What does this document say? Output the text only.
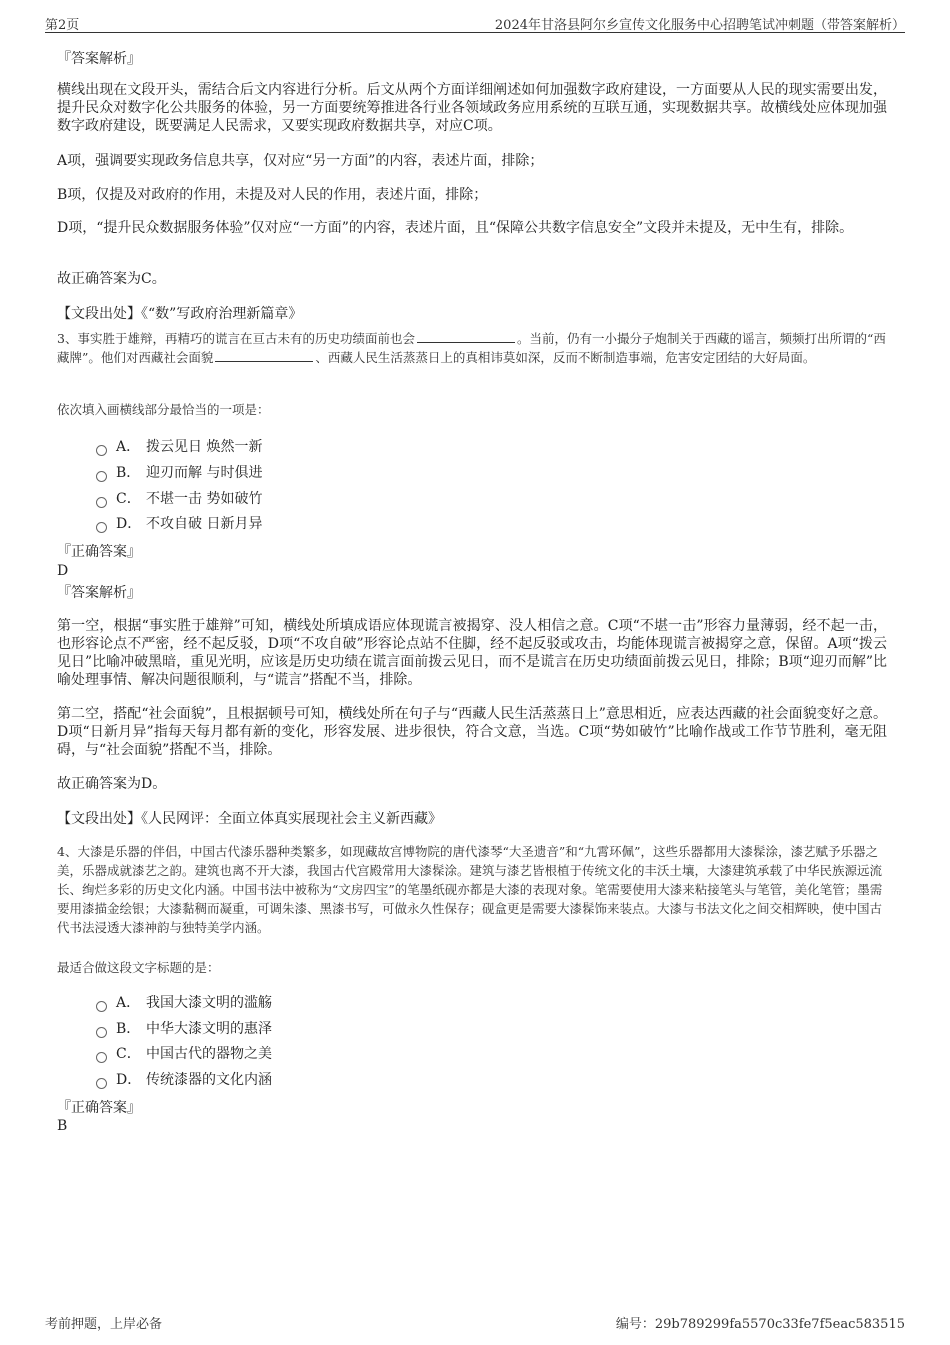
第2页	2024年甘洛县阿尔乡宣传文化服务中心招聘笔试冲刺题（带答案解析）
『答案解析』
横线出现在文段开头，需结合后文内容进行分析。后文从两个方面详细阐述如何加强数字政府建设，一方面要从人民的现实需要出发，提升民众对数字化公共服务的体验，另一方面要统筹推进各行业各领域政务应用系统的互联互通，实现数据共享。故横线处应体现加强数字政府建设，既要满足人民需求，又要实现政府数据共享，对应C项。
A项，强调要实现政务信息共享，仅对应“另一方面”的内容，表述片面，排除；
B项，仅提及对政府的作用，未提及对人民的作用，表述片面，排除；
D项，“提升民众数据服务体验”仅对应“一方面”的内容，表述片面，且“保障公共数字信息安全”文段并未提及，无中生有，排除。
故正确答案为C。
【文段出处】《“数”写政府治理新篇章》
3、事实胜于雄辩，再精巧的谎言在亘古未有的历史功绩面前也会	。当前，仍有一小撮分子炮制关于西藏的谣言，频频打出所谓的“西藏牌”。他们对西藏社会面貌	、西藏人民生活蒸蒸日上的真相讳莫如深，反而不断制造事端，危害安定团结的大好局面。
依次填入画横线部分最恰当的一项是：
A． 拨云见日 焕然一新
B． 迎刃而解 与时俱进
C． 不堪一击 势如破竹
D． 不攻自破 日新月异
『正确答案』
D
『答案解析』
第一空，根据“事实胜于雄辩”可知，横线处所填成语应体现谎言被揭穿、没人相信之意。C项“不堪一击”形容力量薄弱，经不起一击，也形容论点不严密，经不起反驳，D项“不攻自破”形容论点站不住脚，经不起反驳或攻击，均能体现谎言被揭穿之意，保留。A项“拨云见日”比喻冲破黑暗，重见光明，应该是历史功绩在谎言面前拨云见日，而不是谎言在历史功绩面前拨云见日，排除；B项“迎刃而解”比喻处理事情、解决问题很顺利，与“谎言”搭配不当，排除。
第二空，搭配“社会面貌”，且根据顿号可知，横线处所在句子与“西藏人民生活蒸蒸日上”意思相近，应表达西藏的社会面貌变好之意。D项“日新月异”指每天每月都有新的变化，形容发展、进步很快，符合文意，当选。C项“势如破竹”比喻作战或工作节节胜利，毫无阻碍，与“社会面貌”搭配不当，排除。
故正确答案为D。
【文段出处】《人民网评：全面立体真实展现社会主义新西藏》
4、大漆是乐器的伴侣，中国古代漆乐器种类繁多，如现藏故宫博物院的唐代漆琴“大圣遗音”和“九霄环佩”，这些乐器都用大漆髹涂，漆艺赋予乐器之美，乐器成就漆艺之韵。建筑也离不开大漆，我国古代宫殿常用大漆髹涂。建筑与漆艺皆根植于传统文化的丰沃土壤，大漆建筑承载了中华民族源远流长、绚烂多彩的历史文化内涵。中国书法中被称为“文房四宝”的笔墨纸砚亦都是大漆的表现对象。笔需要使用大漆来粘接笔头与笔管，美化笔管；墨需要用漆描金绘银；大漆黏稠而凝重，可调朱漆、黑漆书写，可做永久性保存；砚盒更是需要大漆髹饰来装点。大漆与书法文化之间交相辉映，使中国古代书法浸透大漆神韵与独特美学内涵。
最适合做这段文字标题的是：
A． 我国大漆文明的滥觞
B． 中华大漆文明的惠泽
C． 中国古代的器物之美
D． 传统漆器的文化内涵
『正确答案』
B
考前押题，上岸必备	编号：29b789299fa5570c33fe7f5eac583515
